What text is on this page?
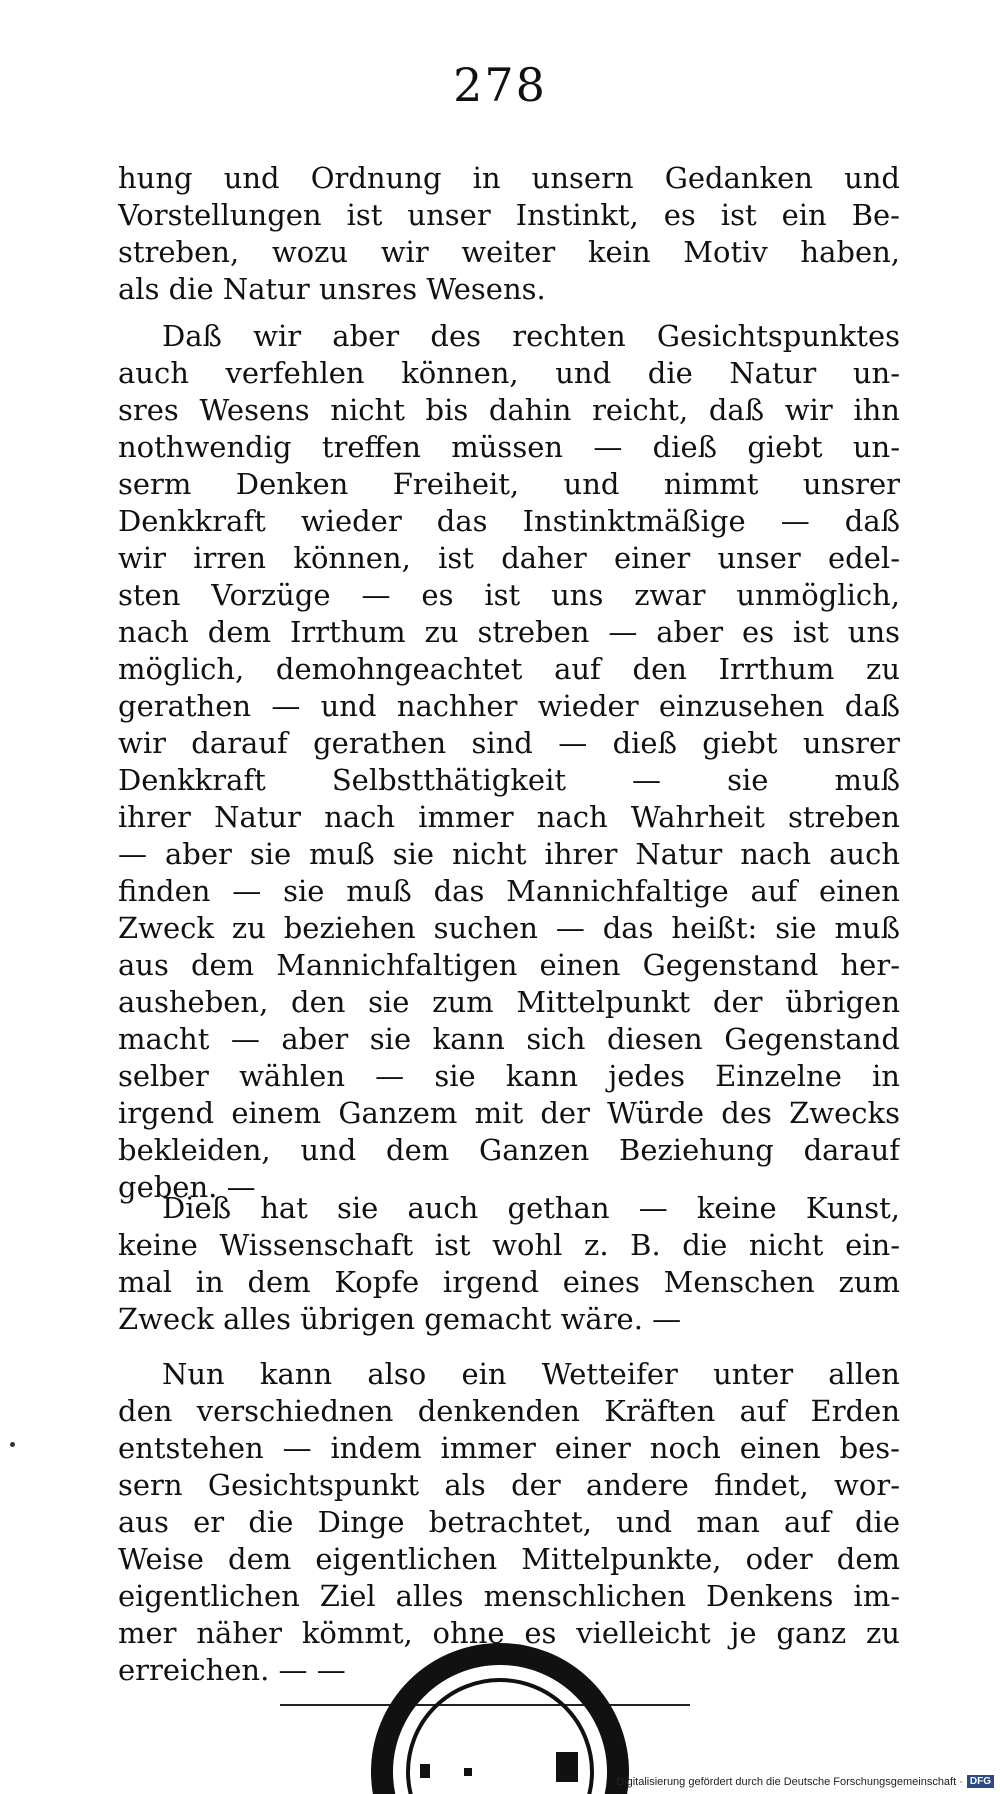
278
hung und Ordnung in unsern Gedanken und
Vorstellungen ist unser Instinkt, es ist ein Be-
streben, wozu wir weiter kein Motiv haben,
als die Natur unsres Wesens.
Daß wir aber des rechten Gesichtspunktes
auch verfehlen können, und die Natur un-
sres Wesens nicht bis dahin reicht, daß wir ihn
nothwendig treffen müssen — dieß giebt un-
serm Denken Freiheit, und nimmt unsrer
Denkkraft wieder das Instinktmäßige — daß
wir irren können, ist daher einer unser edel-
sten Vorzüge — es ist uns zwar unmöglich,
nach dem Irrthum zu streben — aber es ist uns
möglich, demohngeachtet auf den Irrthum zu
gerathen — und nachher wieder einzusehen daß
wir darauf gerathen sind — dieß giebt unsrer
Denkkraft Selbstthätigkeit — sie muß
ihrer Natur nach immer nach Wahrheit streben
— aber sie muß sie nicht ihrer Natur nach auch
finden — sie muß das Mannichfaltige auf einen
Zweck zu beziehen suchen — das heißt: sie muß
aus dem Mannichfaltigen einen Gegenstand her-
ausheben, den sie zum Mittelpunkt der übrigen
macht — aber sie kann sich diesen Gegenstand
selber wählen — sie kann jedes Einzelne in
irgend einem Ganzem mit der Würde des Zwecks
bekleiden, und dem Ganzen Beziehung darauf
geben. —
Dieß hat sie auch gethan — keine Kunst,
keine Wissenschaft ist wohl z. B. die nicht ein-
mal in dem Kopfe irgend eines Menschen zum
Zweck alles übrigen gemacht wäre. —
Nun kann also ein Wetteifer unter allen
den verschiednen denkenden Kräften auf Erden
entstehen — indem immer einer noch einen bes-
sern Gesichtspunkt als der andere findet, wor-
aus er die Dinge betrachtet, und man auf die
Weise dem eigentlichen Mittelpunkte, oder dem
eigentlichen Ziel alles menschlichen Denkens im-
mer näher kömmt, ohne es vielleicht je ganz zu
erreichen. — —
Digitalisierung gefördert durch die Deutsche Forschungsgemeinschaft · DFG
